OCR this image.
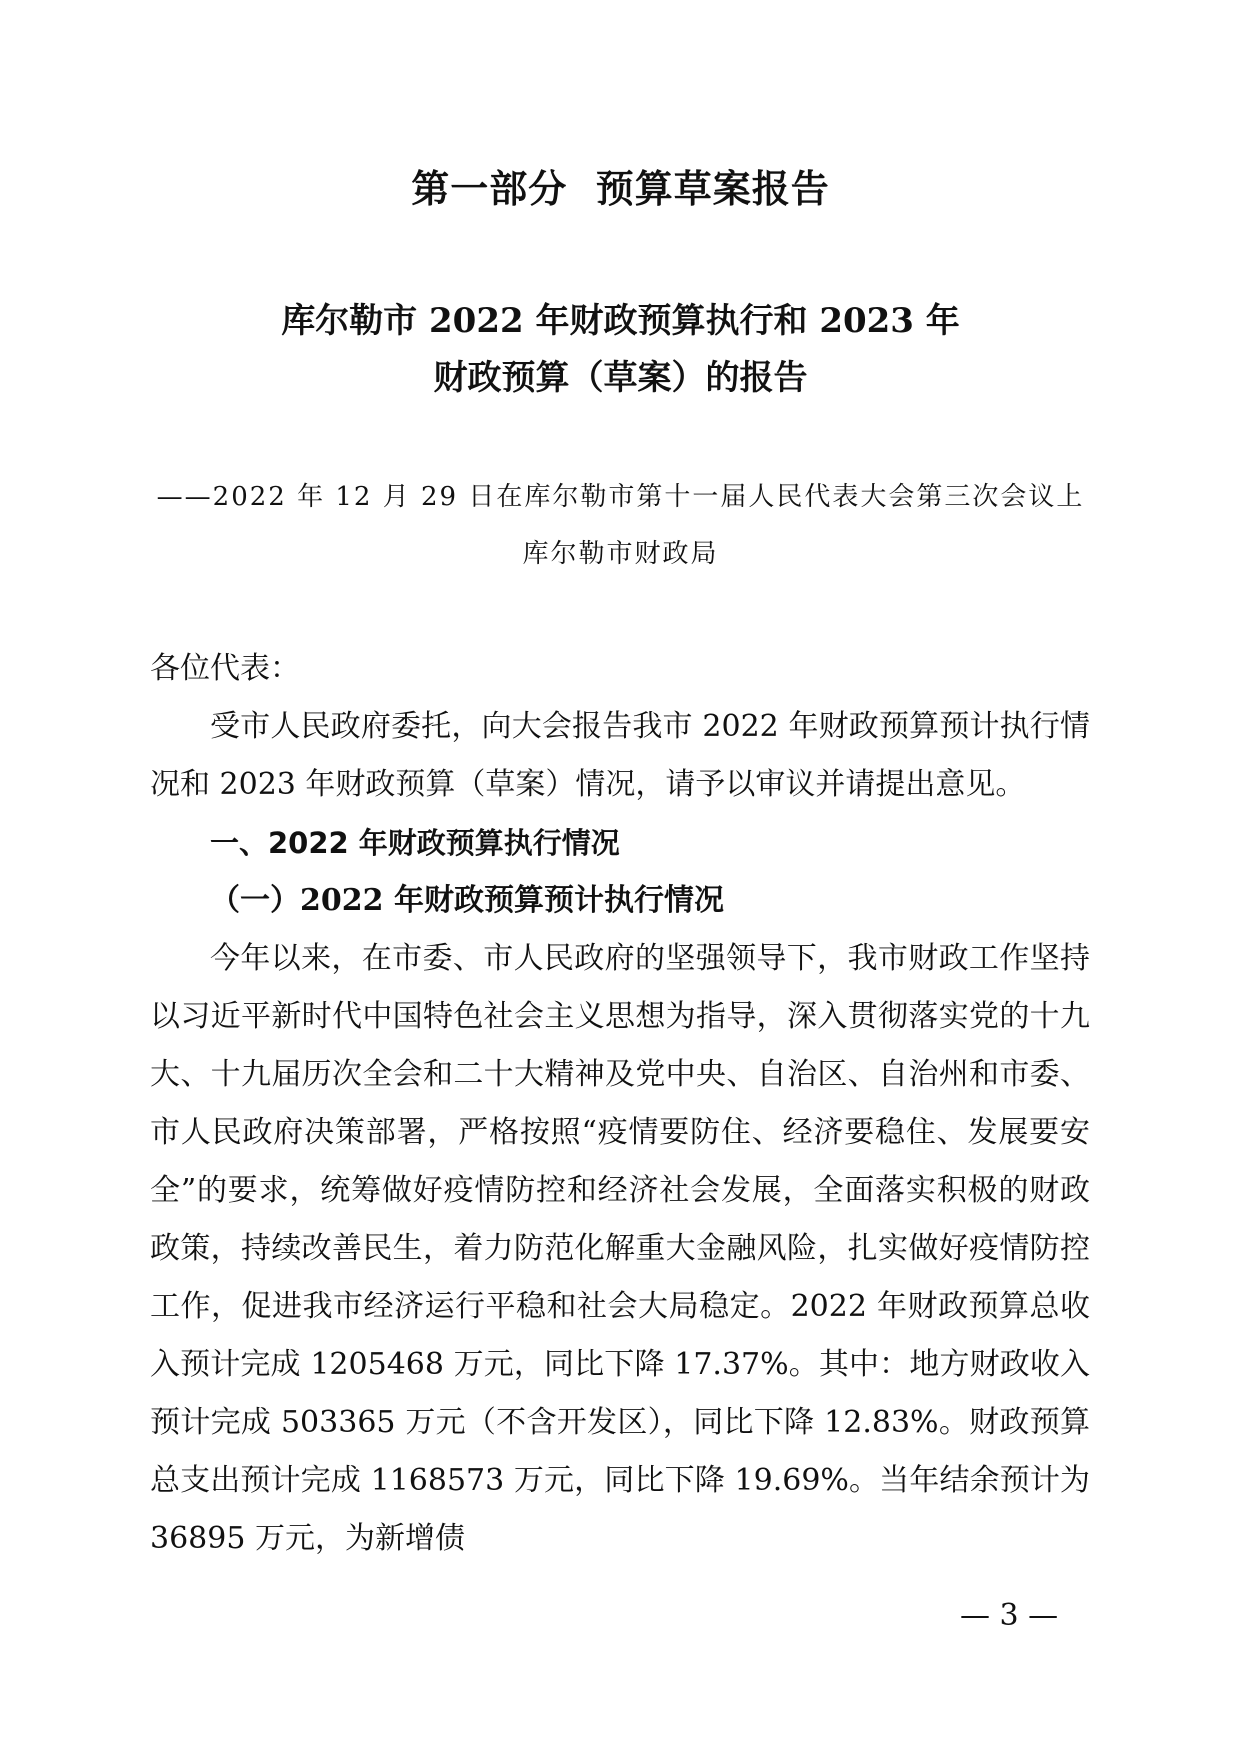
第一部分  预算草案报告
库尔勒市 2022 年财政预算执行和 2023 年
财政预算（草案）的报告
——2022 年 12 月 29 日在库尔勒市第十一届人民代表大会第三次会议上
库尔勒市财政局

各位代表：

受市人民政府委托，向大会报告我市 2022 年财政预算预计执行情况和 2023 年财政预算（草案）情况，请予以审议并请提出意见。

一、2022 年财政预算执行情况

（一）2022 年财政预算预计执行情况

今年以来，在市委、市人民政府的坚强领导下，我市财政工作坚持以习近平新时代中国特色社会主义思想为指导，深入贯彻落实党的十九大、十九届历次全会和二十大精神及党中央、自治区、自治州和市委、市人民政府决策部署，严格按照“疫情要防住、经济要稳住、发展要安全”的要求，统筹做好疫情防控和经济社会发展，全面落实积极的财政政策，持续改善民生，着力防范化解重大金融风险，扎实做好疫情防控工作，促进我市经济运行平稳和社会大局稳定。2022 年财政预算总收入预计完成 1205468 万元，同比下降 17.37%。其中：地方财政收入预计完成 503365 万元（不含开发区），同比下降 12.83%。财政预算总支出预计完成 1168573 万元，同比下降 19.69%。当年结余预计为 36895 万元，为新增债

— 3 —
